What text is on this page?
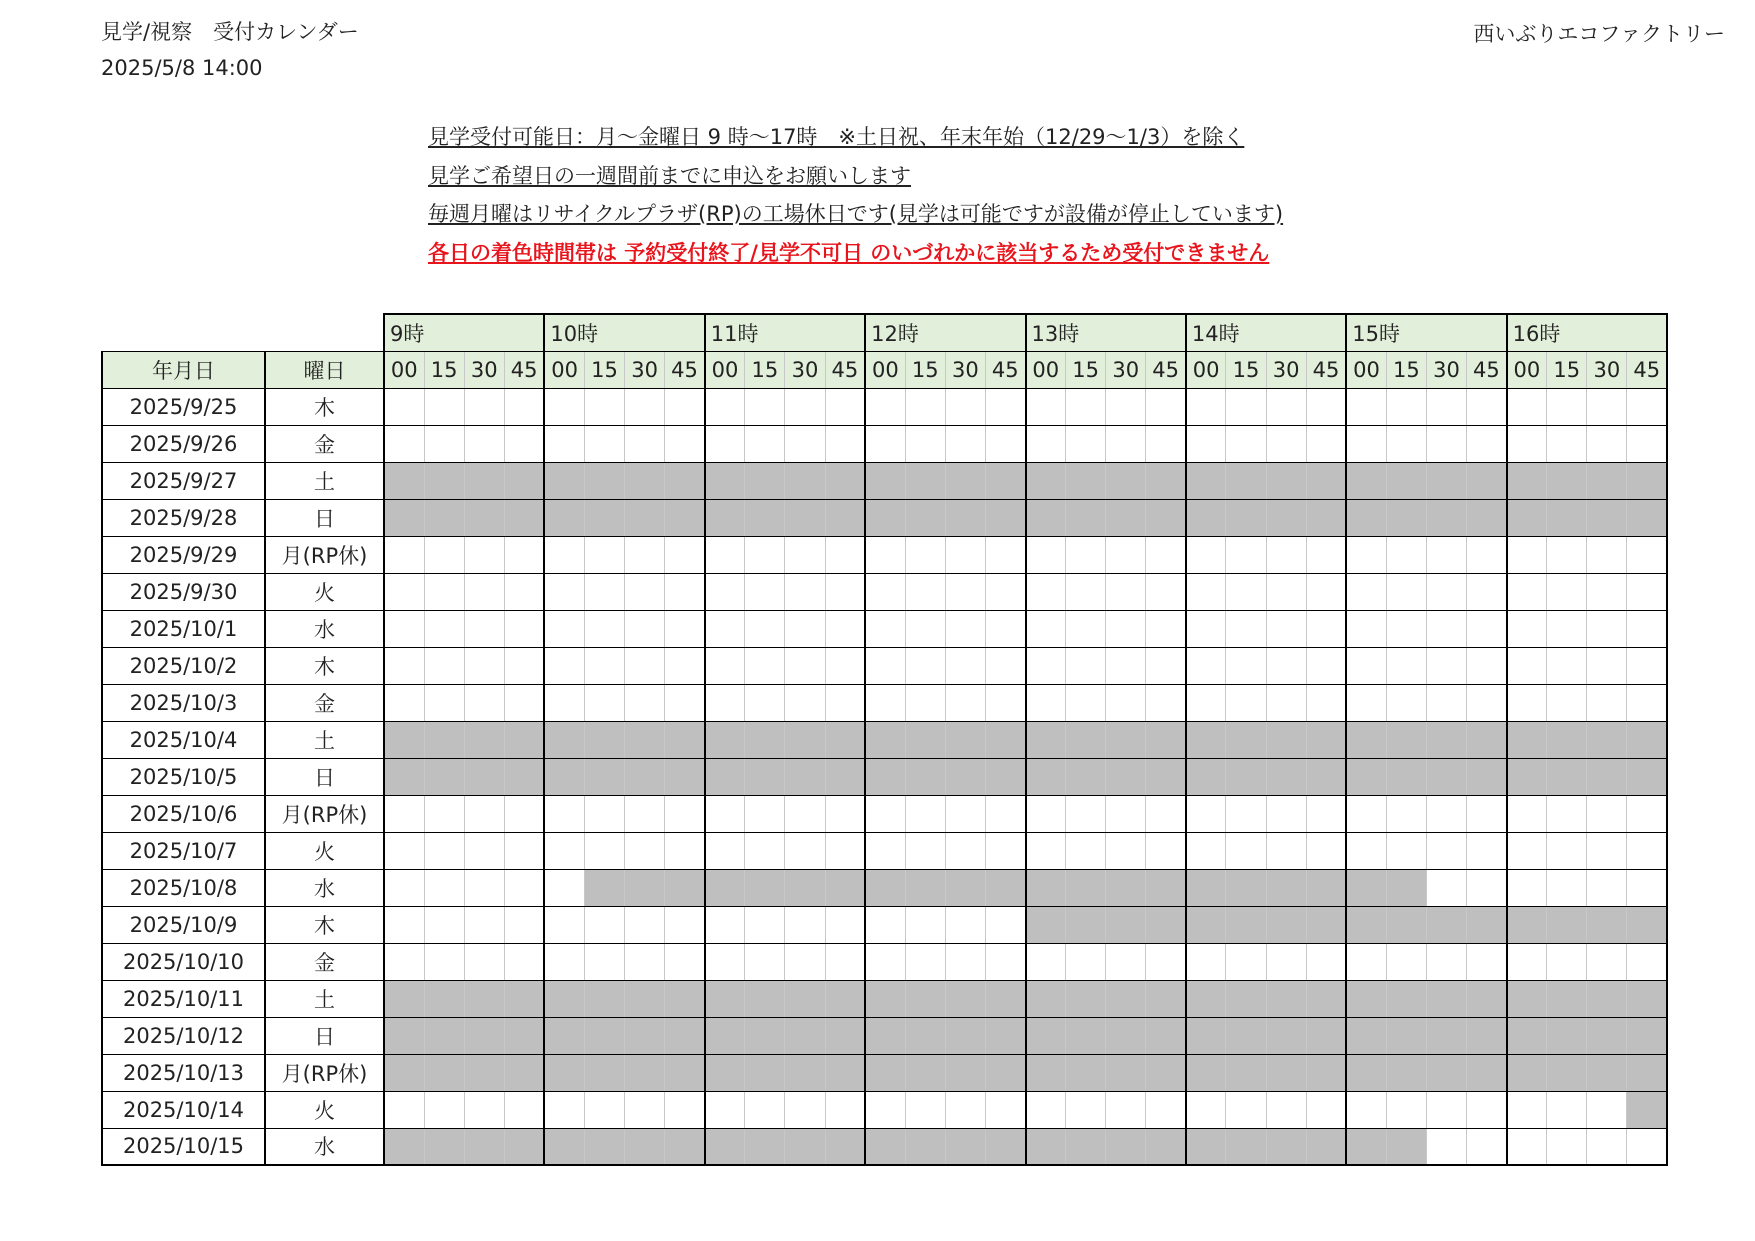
見学/視察　受付カレンダー
2025/5/8 14:00
西いぶりエコファクトリー
見学受付可能日：月～金曜日 9 時～17時　※土日祝、年末年始（12/29～1/3）を除く
見学ご希望日の一週間前までに申込をお願いします
毎週月曜はリサイクルプラザ(RP)の工場休日です(見学は可能ですが設備が停止しています)
各日の着色時間帯は 予約受付終了/見学不可日 のいづれかに該当するため受付できません
		9時				10時				11時				12時				13時				14時				15時				16時			
年月日	曜日	00	15	30	45	00	15	30	45	00	15	30	45	00	15	30	45	00	15	30	45	00	15	30	45	00	15	30	45	00	15	30	45
2025/9/25	木																																
2025/9/26	金																																
2025/9/27	土																																
2025/9/28	日																																
2025/9/29	月(RP休)																																
2025/9/30	火																																
2025/10/1	水																																
2025/10/2	木																																
2025/10/3	金																																
2025/10/4	土																																
2025/10/5	日																																
2025/10/6	月(RP休)																																
2025/10/7	火																																
2025/10/8	水																																
2025/10/9	木																																
2025/10/10	金																																
2025/10/11	土																																
2025/10/12	日																																
2025/10/13	月(RP休)																																
2025/10/14	火																																
2025/10/15	水																																
